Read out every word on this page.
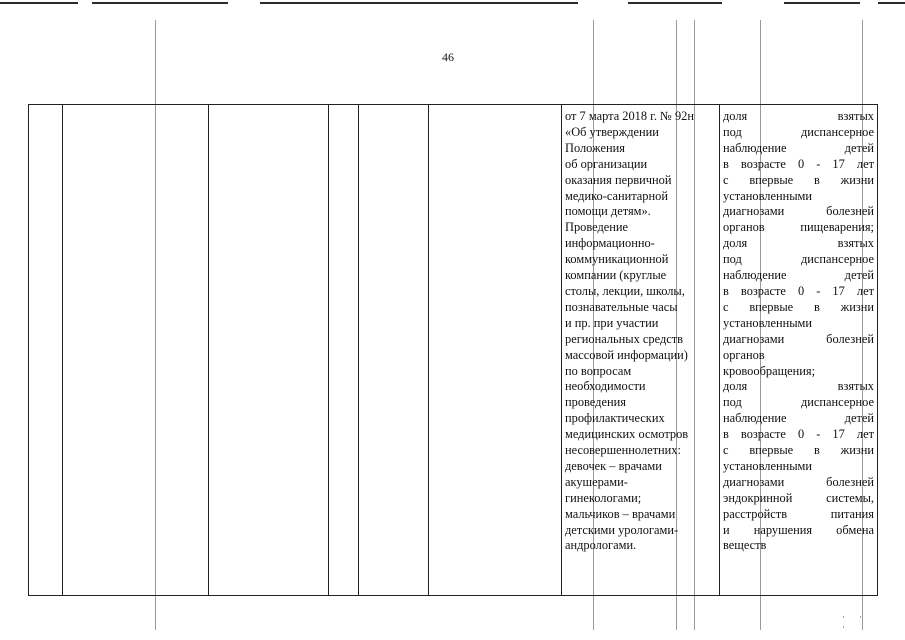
46

от 7 марта 2018 г. № 92н
«Об утверждении
Положения
об организации
оказания первичной
медико-санитарной
помощи детям».
Проведение
информационно-
коммуникационной
компании (круглые
столы, лекции, школы,
познавательные часы
и пр. при участии
региональных средств
массовой информации)
по вопросам
необходимости
проведения
профилактических
медицинских осмотров
несовершеннолетних:
девочек – врачами
акушерами-
гинекологами;
мальчиков – врачами
детскими урологами-
андрологами.

доля взятых
под диспансерное
наблюдение детей
в возрасте 0 - 17 лет
с впервые в жизни
установленными
диагнозами болезней
органов пищеварения;
доля взятых
под диспансерное
наблюдение детей
в возрасте 0 - 17 лет
с впервые в жизни
установленными
диагнозами болезней
органов
кровообращения;
доля взятых
под диспансерное
наблюдение детей
в возрасте 0 - 17 лет
с впервые в жизни
установленными
диагнозами болезней
эндокринной системы,
расстройств питания
и нарушения обмена
веществ
·· ·
